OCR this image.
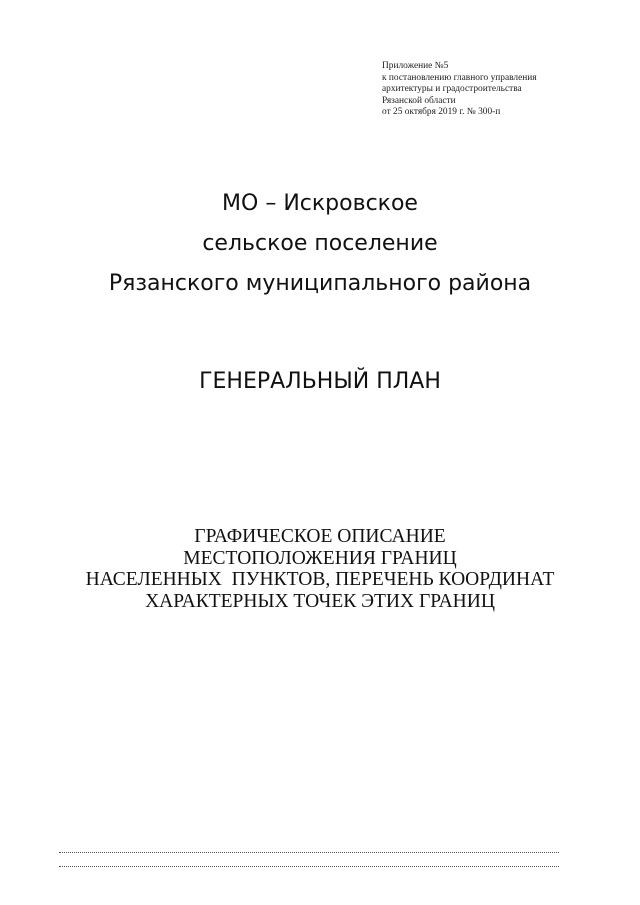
Приложение №5
к постановлению главного управления
архитектуры и градостроительства
Рязанской области
от 25 октября 2019 г. № 300-п
МО – Искровское
сельское поселение
Рязанского муниципального района
ГЕНЕРАЛЬНЫЙ ПЛАН
ГРАФИЧЕСКОЕ ОПИСАНИЕ
МЕСТОПОЛОЖЕНИЯ ГРАНИЦ
НАСЕЛЕННЫХ  ПУНКТОВ, ПЕРЕЧЕНЬ КООРДИНАТ
ХАРАКТЕРНЫХ ТОЧЕК ЭТИХ ГРАНИЦ
